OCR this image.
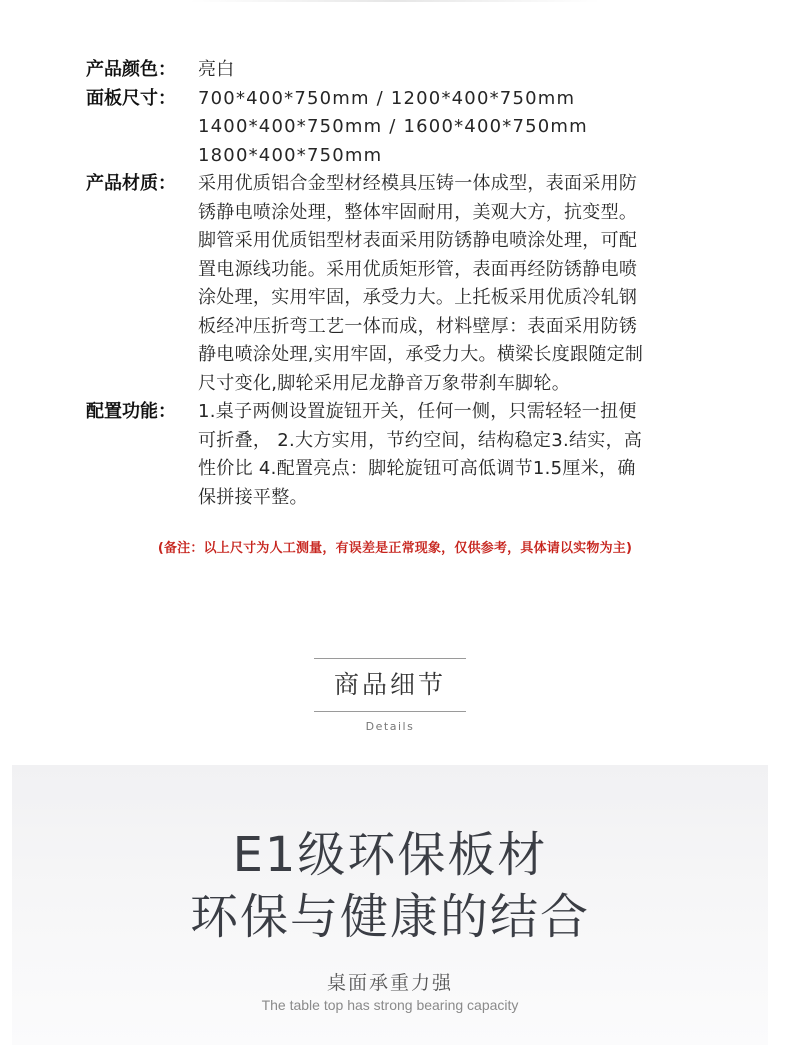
产品颜色：	亮白
面板尺寸：	700*400*750mm / 1200*400*750mm
1400*400*750mm / 1600*400*750mm
1800*400*750mm
产品材质：	采用优质铝合金型材经模具压铸一体成型，表面采用防
锈静电喷涂处理，整体牢固耐用，美观大方，抗变型。
脚管采用优质铝型材表面采用防锈静电喷涂处理，可配
置电源线功能。采用优质矩形管，表面再经防锈静电喷
涂处理，实用牢固，承受力大。上托板采用优质冷轧钢
板经冲压折弯工艺一体而成，材料壁厚：表面采用防锈
静电喷涂处理,实用牢固，承受力大。横梁长度跟随定制
尺寸变化,脚轮采用尼龙静音万象带刹车脚轮。
配置功能：	1.桌子两侧设置旋钮开关，任何一侧，只需轻轻一扭便
可折叠， 2.大方实用，节约空间，结构稳定3.结实，高
性价比 4.配置亮点：脚轮旋钮可高低调节1.5厘米，确
保拼接平整。
(备注：以上尺寸为人工测量，有误差是正常现象，仅供参考，具体请以实物为主)
商品细节
Details
E1级环保板材
环保与健康的结合
桌面承重力强
The table top has strong bearing capacity
